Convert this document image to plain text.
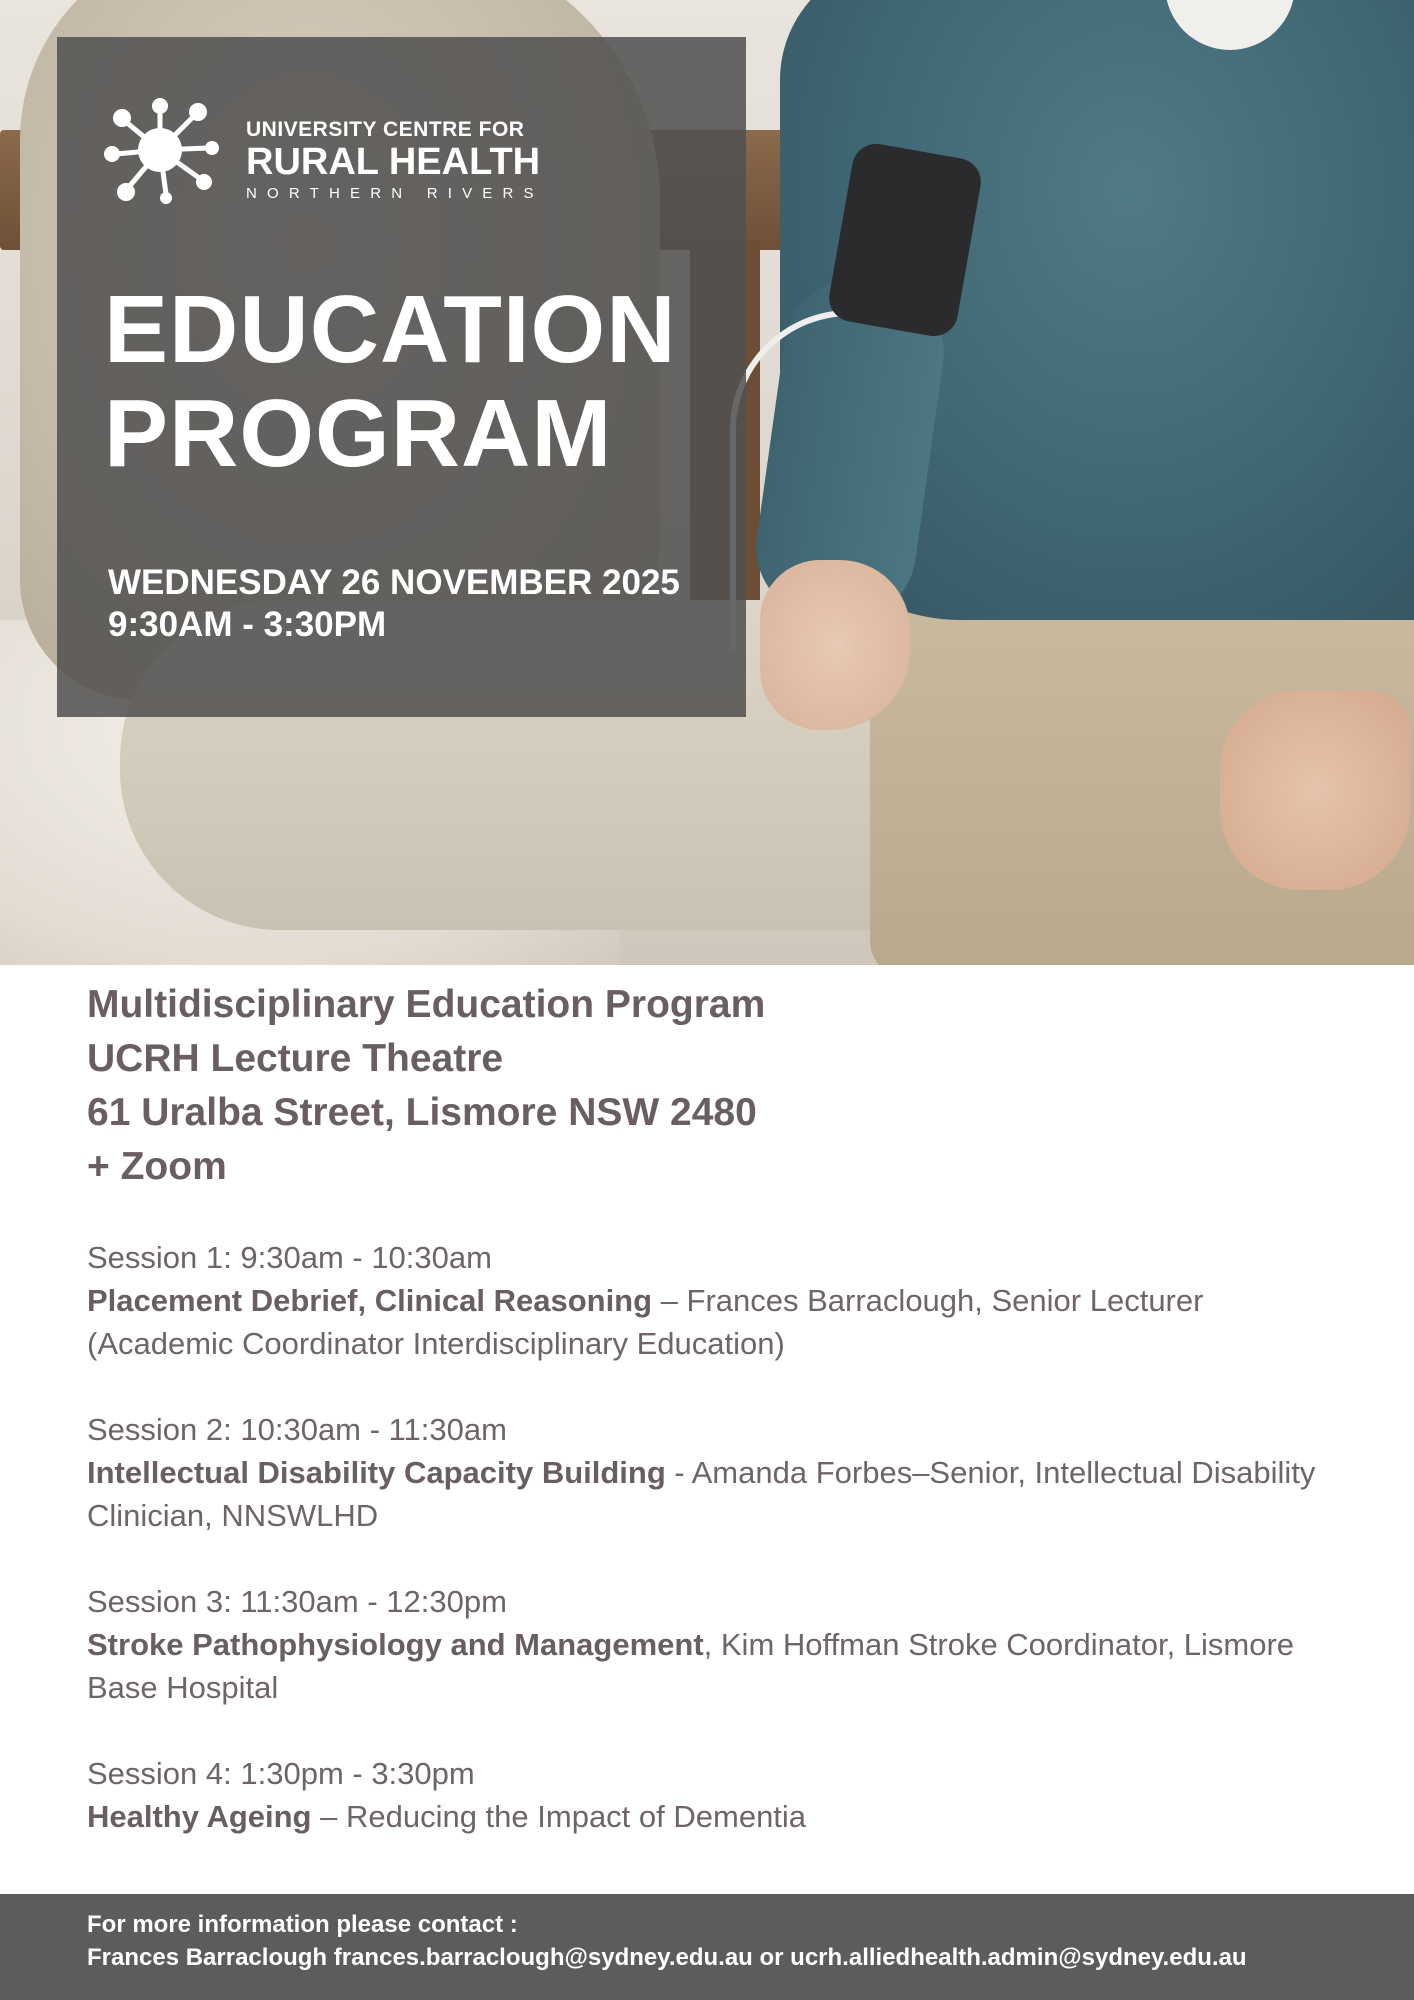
UNIVERSITY CENTRE FOR
RURAL HEALTH
NORTHERN RIVERS
EDUCATION
PROGRAM
WEDNESDAY 26 NOVEMBER 2025
9:30AM - 3:30PM
Multidisciplinary Education Program
UCRH Lecture Theatre
61 Uralba Street, Lismore NSW 2480
+ Zoom
Session 1: 9:30am - 10:30am
Placement Debrief, Clinical Reasoning – Frances Barraclough, Senior Lecturer (Academic Coordinator Interdisciplinary Education)
Session 2: 10:30am - 11:30am
Intellectual Disability Capacity Building - Amanda Forbes–Senior, Intellectual Disability Clinician, NNSWLHD
Session 3: 11:30am - 12:30pm
Stroke Pathophysiology and Management, Kim Hoffman Stroke Coordinator, Lismore Base Hospital
Session 4: 1:30pm - 3:30pm
Healthy Ageing – Reducing the Impact of Dementia
For more information please contact :
Frances Barraclough frances.barraclough@sydney.edu.au or ucrh.alliedhealth.admin@sydney.edu.au
